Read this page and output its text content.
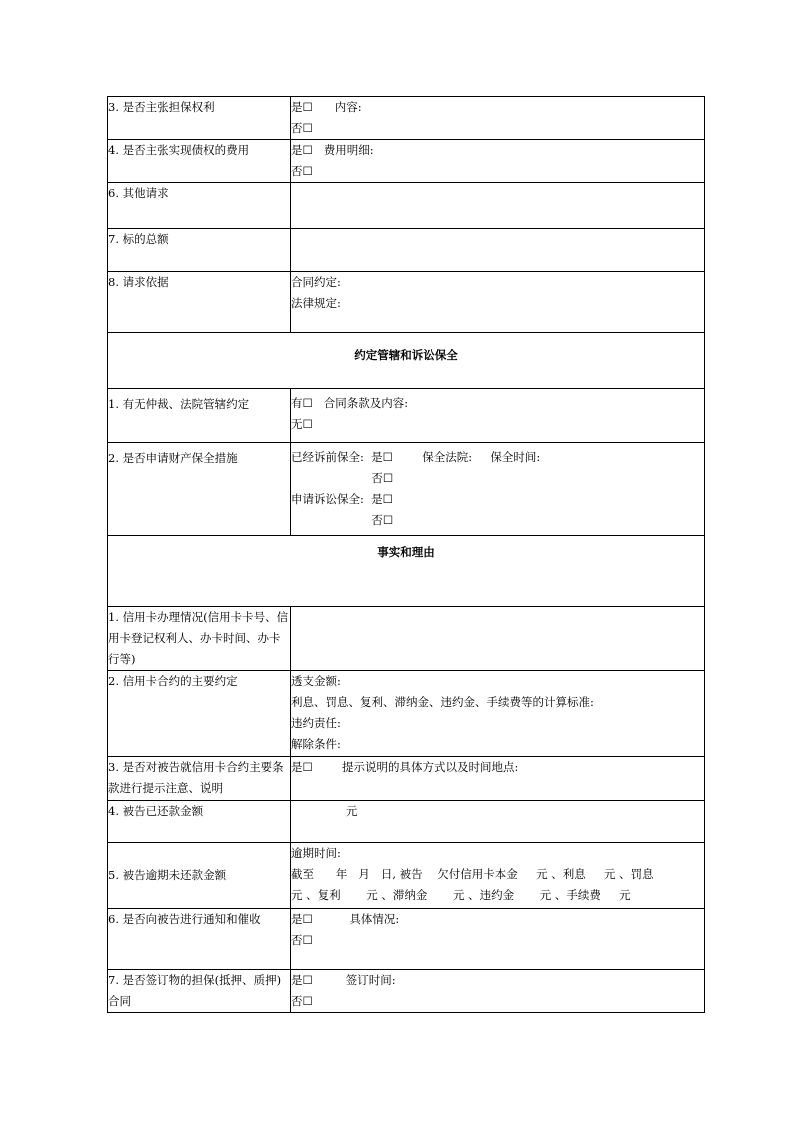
3. 是否主张担保权利	是☐      内容:
否☐

4. 是否主张实现债权的费用	是☐   费用明细:
否☐

6. 其他请求	
7. 标的总额	
8. 请求依据	合同约定:
法律规定:

约定管辖和诉讼保全	
1. 有无仲裁、法院管辖约定	有☐   合同条款及内容:
无☐

2. 是否申请财产保全措施	已经诉前保全:  是☐        保全法院:     保全时间:
否☐
申请诉讼保全:  是☐
否☐

事实和理由	
1. 信用卡办理情况(信用卡卡号、信用卡登记权利人、办卡时间、办卡行等)	
2. 信用卡合约的主要约定	透支金额:
利息、罚息、复利、滞纳金、违约金、手续费等的计算标准:
违约责任:
解除条件:

3. 是否对被告就信用卡合约主要条款进行提示注意、说明	是☐        提示说明的具体方式以及时间地点:

4. 被告已还款金额	元

5. 被告逾期未还款金额	逾期时间:
截至      年   月   日, 被告    欠付信用卡本金     元 、利息     元 、罚息
元 、复利       元 、滞纳金       元 、违约金       元 、手续费     元

6. 是否向被告进行通知和催收	是☐          具体情况:
否☐

7. 是否签订物的担保(抵押、质押)合同	是☐         签订时间:
否☐
